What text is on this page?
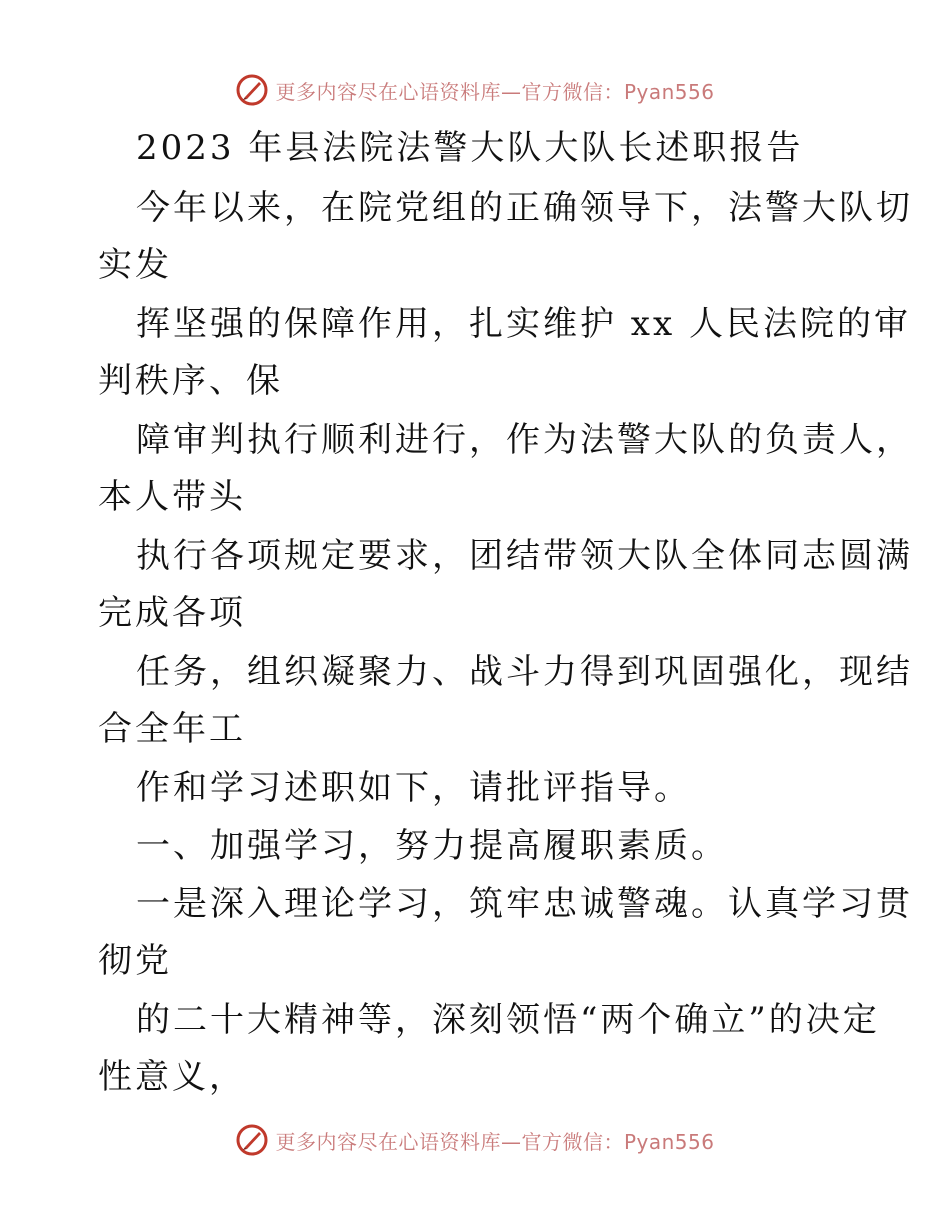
更多内容尽在心语资料库—官方微信：Pyan556
2023 年县法院法警大队大队长述职报告
今年以来，在院党组的正确领导下，法警大队切
实发
挥坚强的保障作用，扎实维护 xx 人民法院的审
判秩序、保
障审判执行顺利进行，作为法警大队的负责人，
本人带头
执行各项规定要求，团结带领大队全体同志圆满
完成各项
任务，组织凝聚力、战斗力得到巩固强化，现结
合全年工
作和学习述职如下，请批评指导。
一、加强学习，努力提高履职素质。
一是深入理论学习，筑牢忠诚警魂。认真学习贯
彻党
的二十大精神等，深刻领悟“两个确立”的决定
性意义，
更多内容尽在心语资料库—官方微信：Pyan556
